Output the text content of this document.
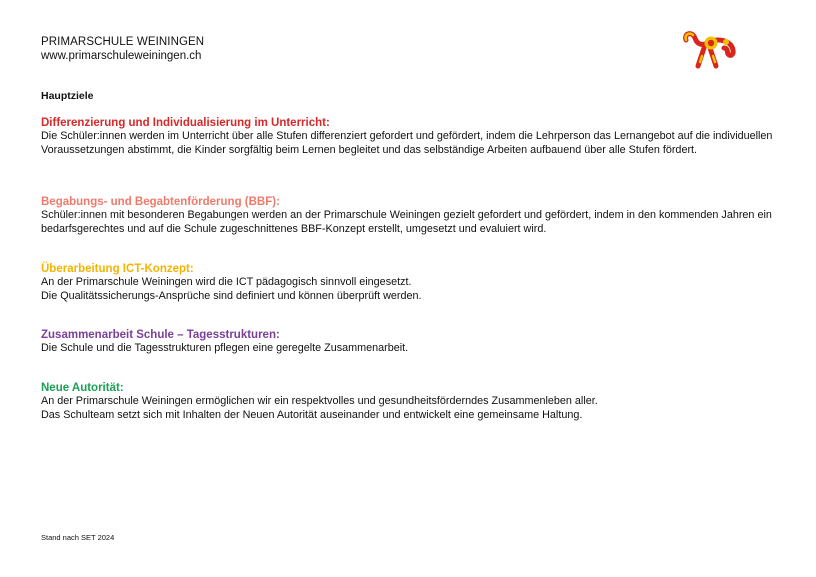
PRIMARSCHULE WEININGEN
www.primarschuleweiningen.ch
Hauptziele
Differenzierung und Individualisierung im Unterricht:

Die Schüler:innen werden im Unterricht über alle Stufen differenziert gefordert und gefördert, indem die Lehrperson das Lernangebot auf die individuellen Voraussetzungen abstimmt, die Kinder sorgfältig beim Lernen begleitet und das selbständige Arbeiten aufbauend über alle Stufen fördert.

Begabungs- und Begabtenförderung (BBF):

Schüler:innen mit besonderen Begabungen werden an der Primarschule Weiningen gezielt gefordert und gefördert, indem in den kommenden Jahren ein bedarfsgerechtes und auf die Schule zugeschnittenes BBF-Konzept erstellt, umgesetzt und evaluiert wird.

Überarbeitung ICT-Konzept:

An der Primarschule Weiningen wird die ICT pädagogisch sinnvoll eingesetzt.

Die Qualitätssicherungs-Ansprüche sind definiert und können überprüft werden.

Zusammenarbeit Schule – Tagesstrukturen:

Die Schule und die Tagesstrukturen pflegen eine geregelte Zusammenarbeit.

Neue Autorität:

An der Primarschule Weiningen ermöglichen wir ein respektvolles und gesundheitsförderndes Zusammenleben aller.

Das Schulteam setzt sich mit Inhalten der Neuen Autorität auseinander und entwickelt eine gemeinsame Haltung.

Stand nach SET 2024
